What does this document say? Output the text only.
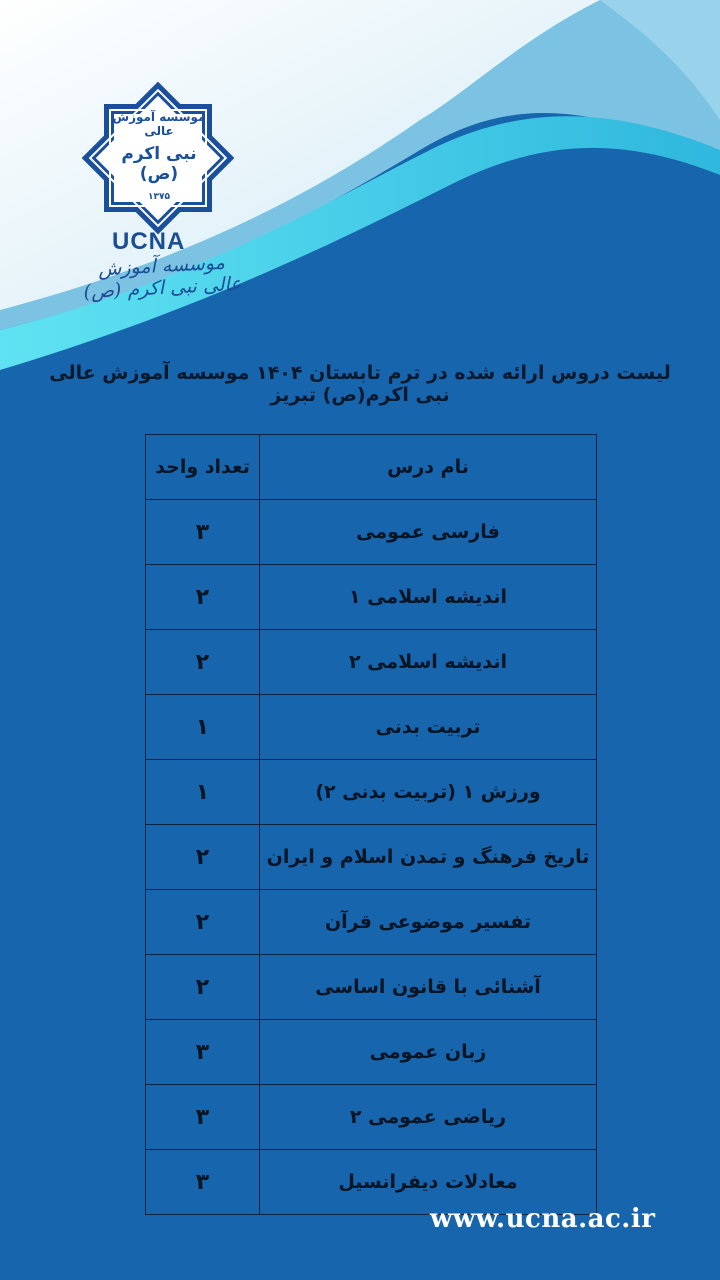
موسسه آموزش عالی
نبی اکرم (ص)
۱۳۷۵
UCNA
موسسه آموزش عالی نبی اکرم (ص)
لیست دروس ارائه شده در ترم تابستان ۱۴۰۴ موسسه آموزش عالی نبی اکرم(ص) تبریز
نام درس
تعداد واحد
فارسی عمومی
۳
اندیشه اسلامی ۱
۲
اندیشه اسلامی ۲
۲
تربیت بدنی
۱
ورزش ۱ (تربیت بدنی ۲)
۱
تاریخ فرهنگ و تمدن اسلام و ایران
۲
تفسیر موضوعی قرآن
۲
آشنائی با قانون اساسی
۲
زبان عمومی
۳
ریاضی عمومی ۲
۳
معادلات دیفرانسیل
۳
www.ucna.ac.ir
